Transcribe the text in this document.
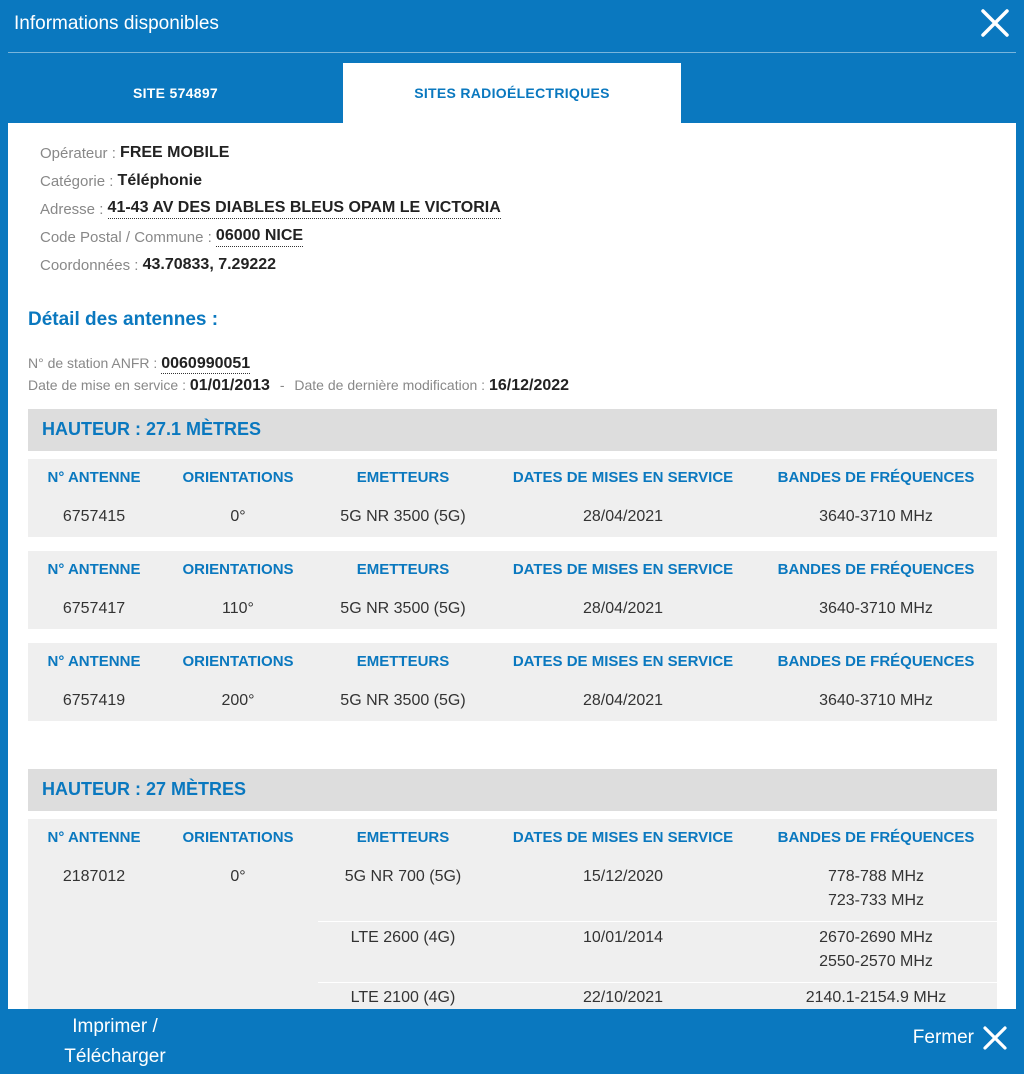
Informations disponibles
SITE 574897	SITES RADIOÉLECTRIQUES
Opérateur :
FREE MOBILE
Catégorie :
Téléphonie
Adresse :
41-43 AV DES DIABLES BLEUS OPAM LE VICTORIA
Code Postal / Commune :
06000 NICE
Coordonnées :
43.70833, 7.29222
Détail des antennes :
N° de station ANFR : 0060990051
Date de mise en service : 01/01/2013 - Date de dernière modification : 16/12/2022
HAUTEUR : 27.1 MÈTRES
N° ANTENNE	ORIENTATIONS	EMETTEURS	DATES DE MISES EN SERVICE	BANDES DE FRÉQUENCES
6757415	0°	5G NR 3500 (5G)	28/04/2021	3640-3710 MHz
N° ANTENNE	ORIENTATIONS	EMETTEURS	DATES DE MISES EN SERVICE	BANDES DE FRÉQUENCES
6757417	110°	5G NR 3500 (5G)	28/04/2021	3640-3710 MHz
N° ANTENNE	ORIENTATIONS	EMETTEURS	DATES DE MISES EN SERVICE	BANDES DE FRÉQUENCES
6757419	200°	5G NR 3500 (5G)	28/04/2021	3640-3710 MHz
HAUTEUR : 27 MÈTRES
N° ANTENNE	ORIENTATIONS	EMETTEURS	DATES DE MISES EN SERVICE	BANDES DE FRÉQUENCES
2187012	0°	5G NR 700 (5G)	15/12/2020	778-788 MHz
723-733 MHz
LTE 2600 (4G)	10/01/2014	2670-2690 MHz
2550-2570 MHz
LTE 2100 (4G)	22/10/2021	2140.1-2154.9 MHz
Imprimer /
Télécharger
Fermer
